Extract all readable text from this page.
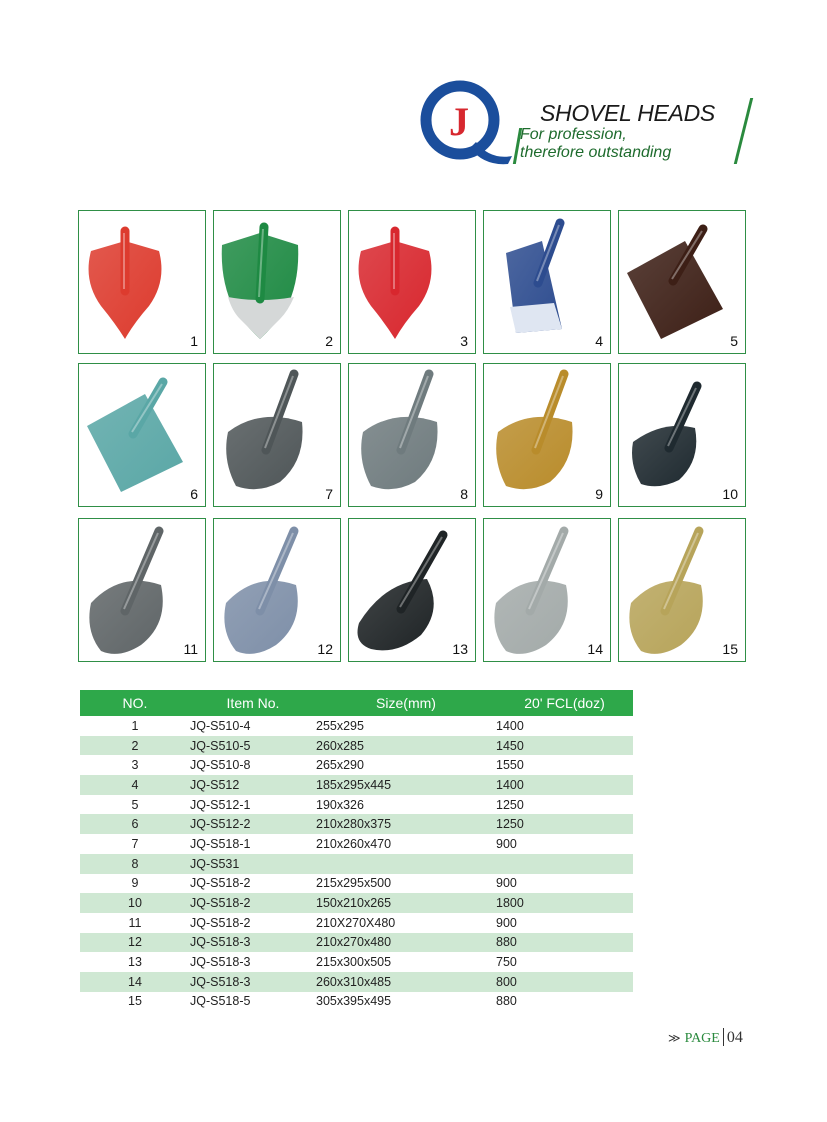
J	SHOVEL HEADS
For profession,
therefore outstanding
1	2	3	4	5
6	7	8	9	10
11	12	13	14	15
NO.	Item No.	Size(mm)	20' FCL(doz)
1	JQ-S510-4	255x295	1400
2	JQ-S510-5	260x285	1450
3	JQ-S510-8	265x290	1550
4	JQ-S512	185x295x445	1400
5	JQ-S512-1	190x326	1250
6	JQ-S512-2	210x280x375	1250
7	JQ-S518-1	210x260x470	900
8	JQ-S531		
9	JQ-S518-2	215x295x500	900
10	JQ-S518-2	150x210x265	1800
11	JQ-S518-2	210X270X480	900
12	JQ-S518-3	210x270x480	880
13	JQ-S518-3	215x300x505	750
14	JQ-S518-3	260x310x485	800
15	JQ-S518-5	305x395x495	880
≫ PAGE 04
